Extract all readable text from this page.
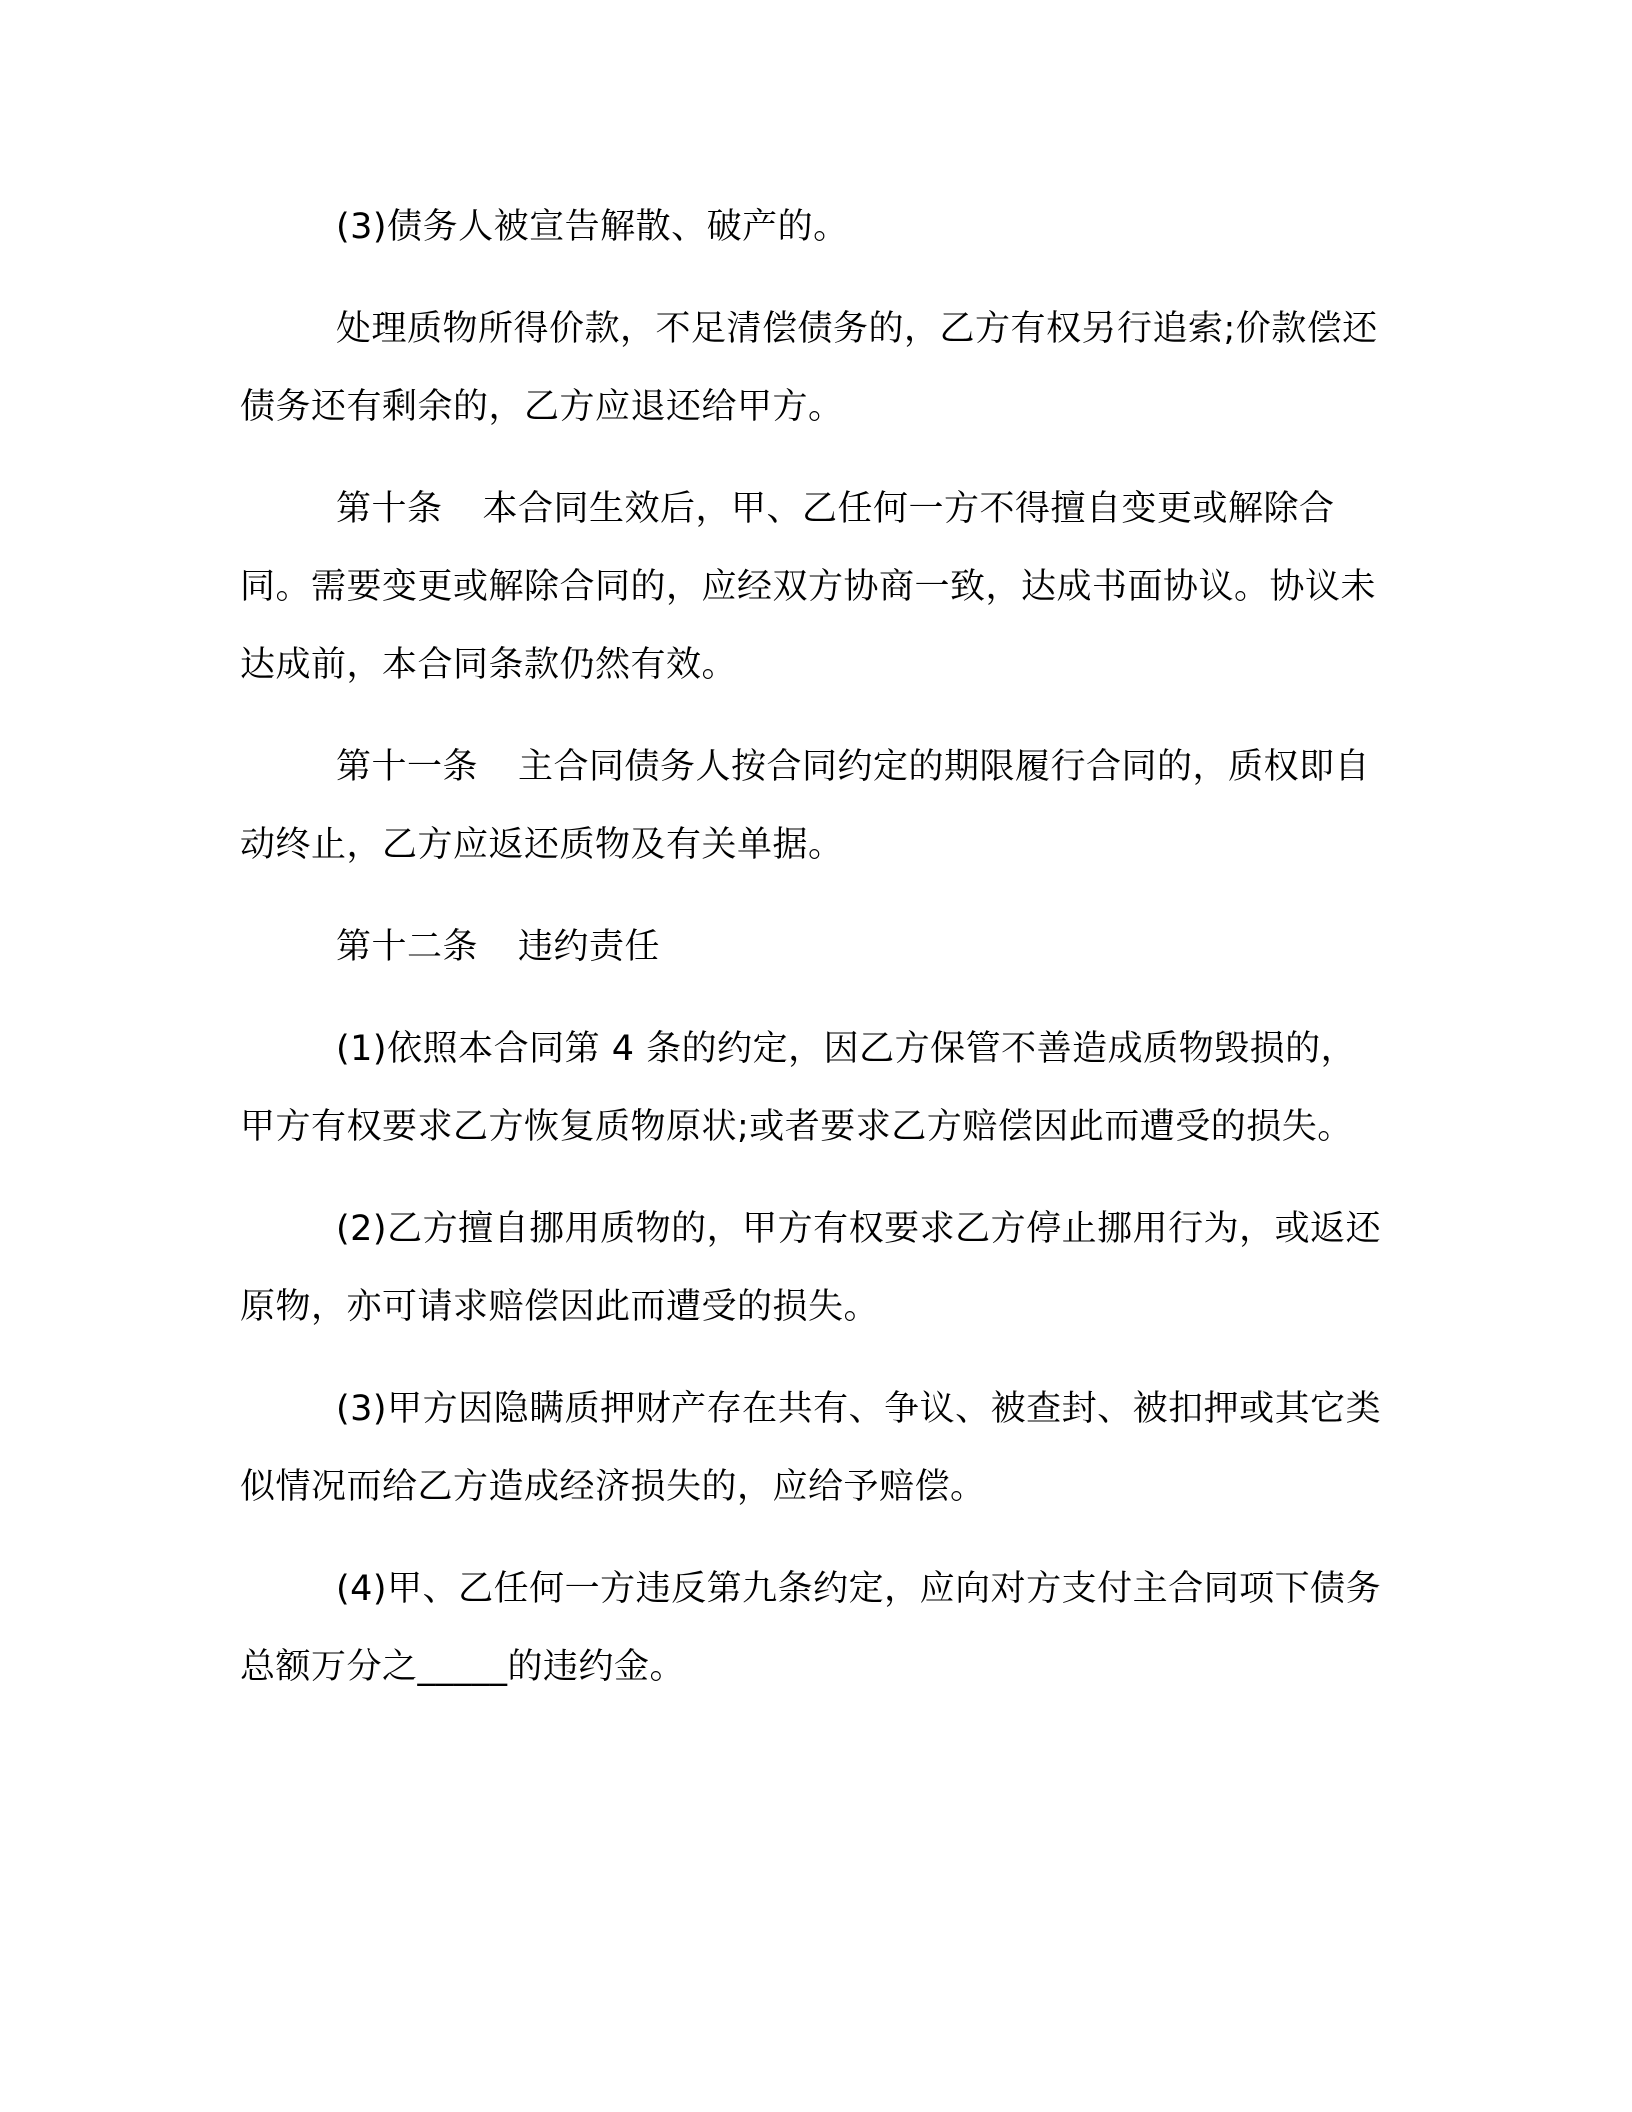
(3)债务人被宣告解散、破产的。

处理质物所得价款，不足清偿债务的，乙方有权另行追索;价款偿还债务还有剩余的，乙方应退还给甲方。

第十条 本合同生效后，甲、乙任何一方不得擅自变更或解除合同。需要变更或解除合同的，应经双方协商一致，达成书面协议。协议未达成前，本合同条款仍然有效。

第十一条 主合同债务人按合同约定的期限履行合同的，质权即自动终止，乙方应返还质物及有关单据。

第十二条 违约责任

(1)依照本合同第 4 条的约定，因乙方保管不善造成质物毁损的，甲方有权要求乙方恢复质物原状;或者要求乙方赔偿因此而遭受的损失。

(2)乙方擅自挪用质物的，甲方有权要求乙方停止挪用行为，或返还原物，亦可请求赔偿因此而遭受的损失。

(3)甲方因隐瞒质押财产存在共有、争议、被查封、被扣押或其它类似情况而给乙方造成经济损失的，应给予赔偿。

(4)甲、乙任何一方违反第九条约定，应向对方支付主合同项下债务总额万分之_____的违约金。
